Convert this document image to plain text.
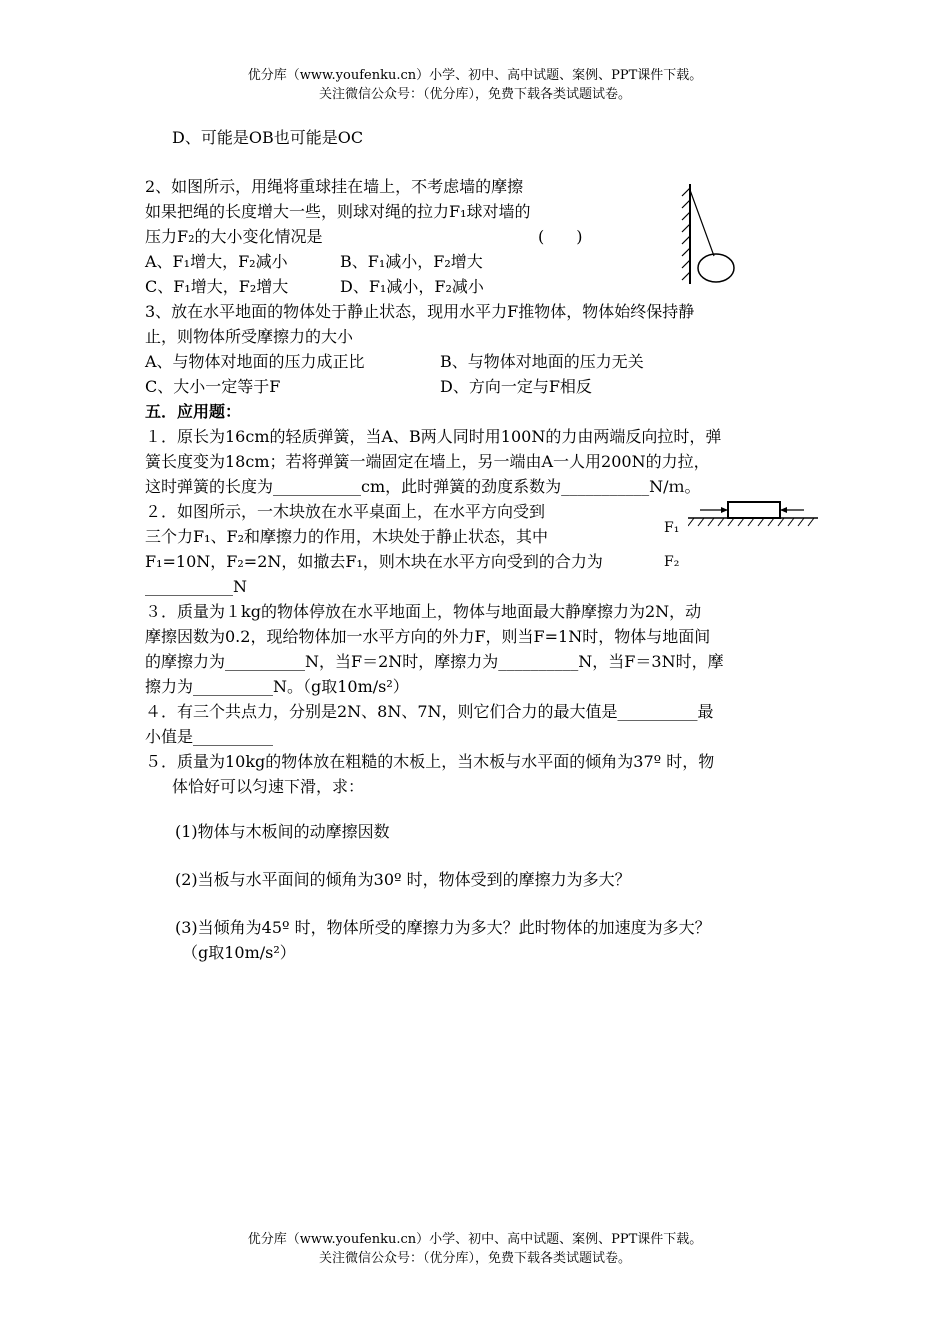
优分库（www.youfenku.cn）小学、初中、高中试题、案例、PPT课件下载。
关注微信公众号：（优分库），免费下载各类试题试卷。
D、可能是OB也可能是OC
2、如图所示，用绳将重球挂在墙上，不考虑墙的摩擦
如果把绳的长度增大一些，则球对绳的拉力F₁球对墙的
压力F₂的大小变化情况是	(　　)
A、F₁增大，F₂减小	B、F₁减小，F₂增大
C、F₁增大，F₂增大	D、F₁减小，F₂减小
3、放在水平地面的物体处于静止状态，现用水平力F推物体，物体始终保持静
止，则物体所受摩擦力的大小
A、与物体对地面的压力成正比	B、与物体对地面的压力无关
C、大小一定等于F	D、方向一定与F相反
五．应用题：
１．原长为16cm的轻质弹簧，当A、B两人同时用100N的力由两端反向拉时，弹
簧长度变为18cm；若将弹簧一端固定在墙上，另一端由A一人用200N的力拉，
这时弹簧的长度为___________cm，此时弹簧的劲度系数为___________N/ｍ。
２．如图所示，一木块放在水平桌面上，在水平方向受到
三个力F₁、F₂和摩擦力的作用，木块处于静止状态，其中
F₁=10N，F₂=2N，如撤去F₁，则木块在水平方向受到的合力为
___________N
F₁
F₂
３．质量为１kg的物体停放在水平地面上，物体与地面最大静摩擦力为2N，动
摩擦因数为0.2，现给物体加一水平方向的外力F，则当F=1N时，物体与地面间
的摩擦力为__________N，当F＝2N时，摩擦力为__________N，当F＝3N时，摩
擦力为__________N。（g取10m/s²）
４．有三个共点力，分别是2N、8N、7N，则它们合力的最大值是__________最
小值是__________
５．质量为10kg的物体放在粗糙的木板上，当木板与水平面的倾角为37º 时，物
体恰好可以匀速下滑，求：
(1)物体与木板间的动摩擦因数
(2)当板与水平面间的倾角为30º 时，物体受到的摩擦力为多大？
(3)当倾角为45º 时，物体所受的摩擦力为多大？此时物体的加速度为多大？
（g取10m/s²）
优分库（www.youfenku.cn）小学、初中、高中试题、案例、PPT课件下载。
关注微信公众号：（优分库），免费下载各类试题试卷。
